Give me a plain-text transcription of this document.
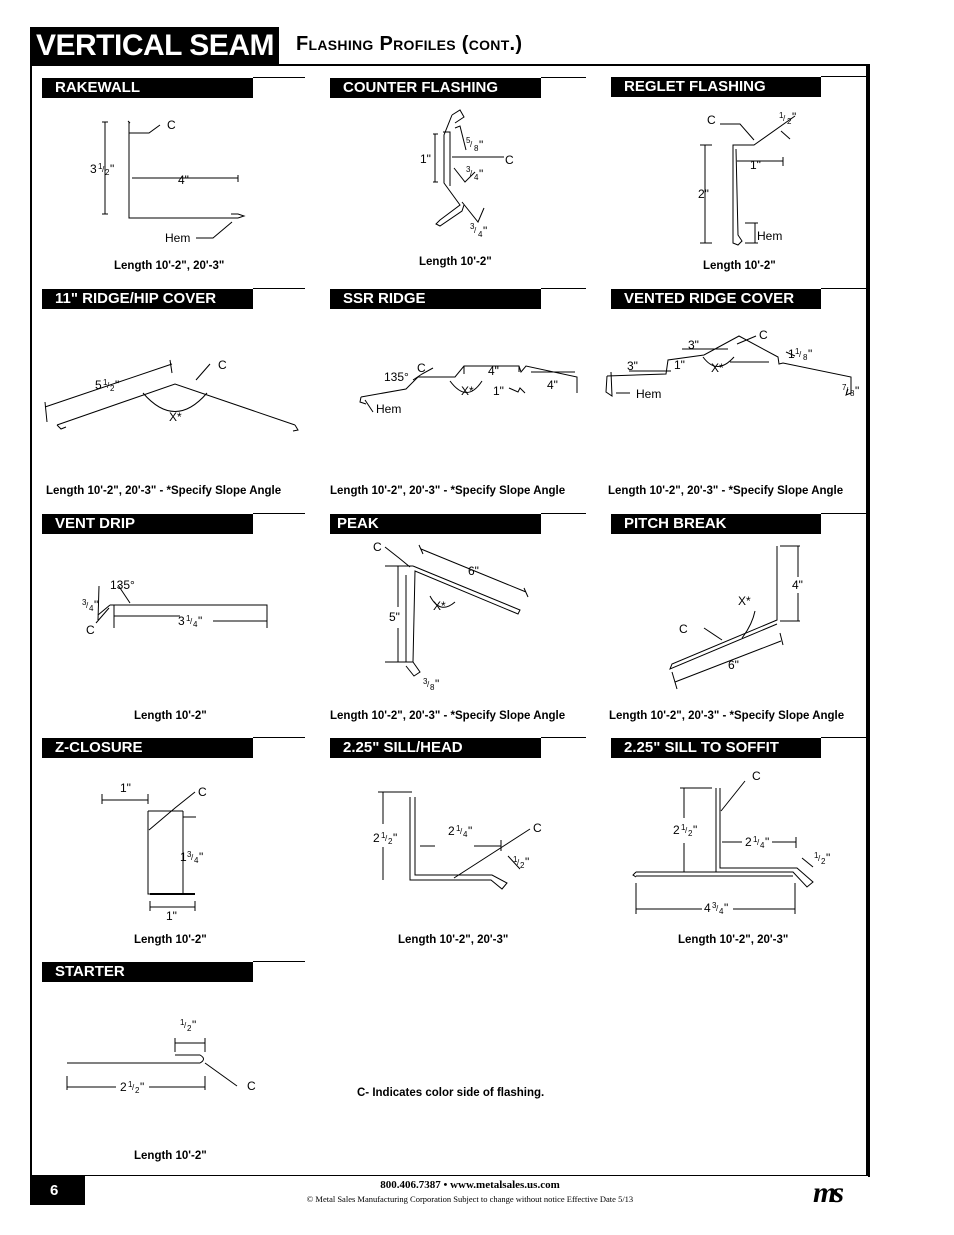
VERTICAL SEAM Flashing Profiles (cont.)
RAKEWALL	COUNTER FLASHING	REGLET FLASHING
11" RIDGE/HIP COVER	SSR RIDGE	VENTED RIDGE COVER
VENT DRIP	PEAK	PITCH BREAK
Z-CLOSURE	2.25" SILL/HEAD	2.25" SILL TO SOFFIT
STARTER
Length 10'-2", 20'-3"	Length 10'-2"	Length 10'-2"
Length 10'-2", 20'-3" - *Specify Slope Angle	Length 10'-2", 20'-3" - *Specify Slope Angle	Length 10'-2", 20'-3" - *Specify Slope Angle
Length 10'-2"	Length 10'-2", 20'-3" - *Specify Slope Angle	Length 10'-2", 20'-3" - *Specify Slope Angle
Length 10'-2"	Length 10'-2", 20'-3"	Length 10'-2", 20'-3"
Length 10'-2"
C
3 1 / 2 "
4"
Hem
1"	C
5 / 8 "
3 / 4 "
3 / 4 "
C	1 / 2 "
1"
2"
Hem
5 1 / 2 "
C
X*
135°
C	4"
4"
X* 1"
Hem
C
3"
1 1 / 8 "
3"	1" X*
Hem	7 / 8 "
135°
3 / 4 "
C
3 1 / 4 "
C
6"
X*
5"
3 / 8 "
4"
X*
C
6"
1"	C
1 3 / 4 "
1"
2 1 / 2 "	2 1 / 4 "	C
1 / 2 "
C
2 1 / 2 "
2 1 / 4 "
1 / 2 "
4 3 / 4 "
1 / 2 "
2 1 / 2 "	C	C- Indicates color side of flashing.
6	800.406.7387 • www.metalsales.us.com
© Metal Sales Manufacturing Corporation Subject to change without notice Effective Date 5/13	ms
